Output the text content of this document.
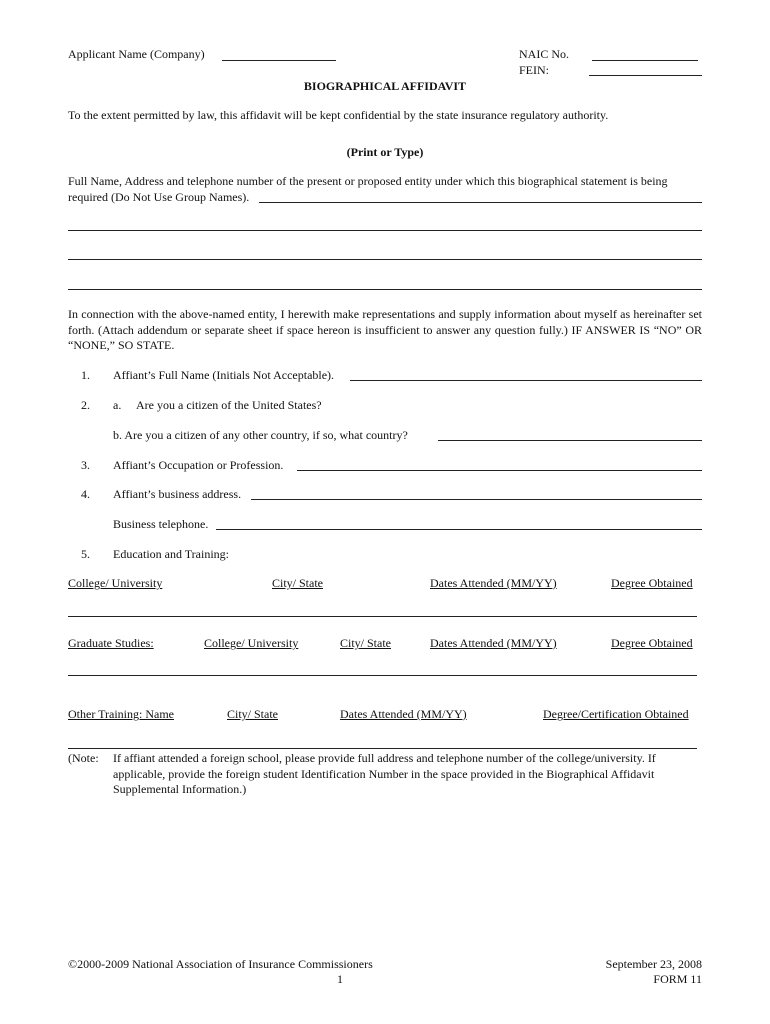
Applicant Name (Company)	NAIC No.
FEIN:
BIOGRAPHICAL AFFIDAVIT
To the extent permitted by law, this affidavit will be kept confidential by the state insurance regulatory authority.
(Print or Type)
Full Name, Address and telephone number of the present or proposed entity under which this biographical statement is being
required (Do Not Use Group Names).
In connection with the above-named entity, I herewith make representations and supply information about myself as hereinafter set forth. (Attach addendum or separate sheet if space hereon is insufficient to answer any question fully.) IF ANSWER IS “NO” OR “NONE,” SO STATE.
1. Affiant’s Full Name (Initials Not Acceptable).
2. a. Are you a citizen of the United States?
b. Are you a citizen of any other country, if so, what country?
3. Affiant’s Occupation or Profession.
4. Affiant’s business address.
Business telephone.
5. Education and Training:
College/ University	City/ State	Dates Attended (MM/YY)	Degree Obtained
Graduate Studies:	College/ University	City/ State	Dates Attended (MM/YY)	Degree Obtained
Other Training: Name	City/ State	Dates Attended (MM/YY)	Degree/Certification Obtained
(Note: If affiant attended a foreign school, please provide full address and telephone number of the college/university. If applicable, provide the foreign student Identification Number in the space provided in the Biographical Affidavit Supplemental Information.)
©2000-2009 National Association of Insurance Commissioners
1
September 23, 2008
FORM 11
